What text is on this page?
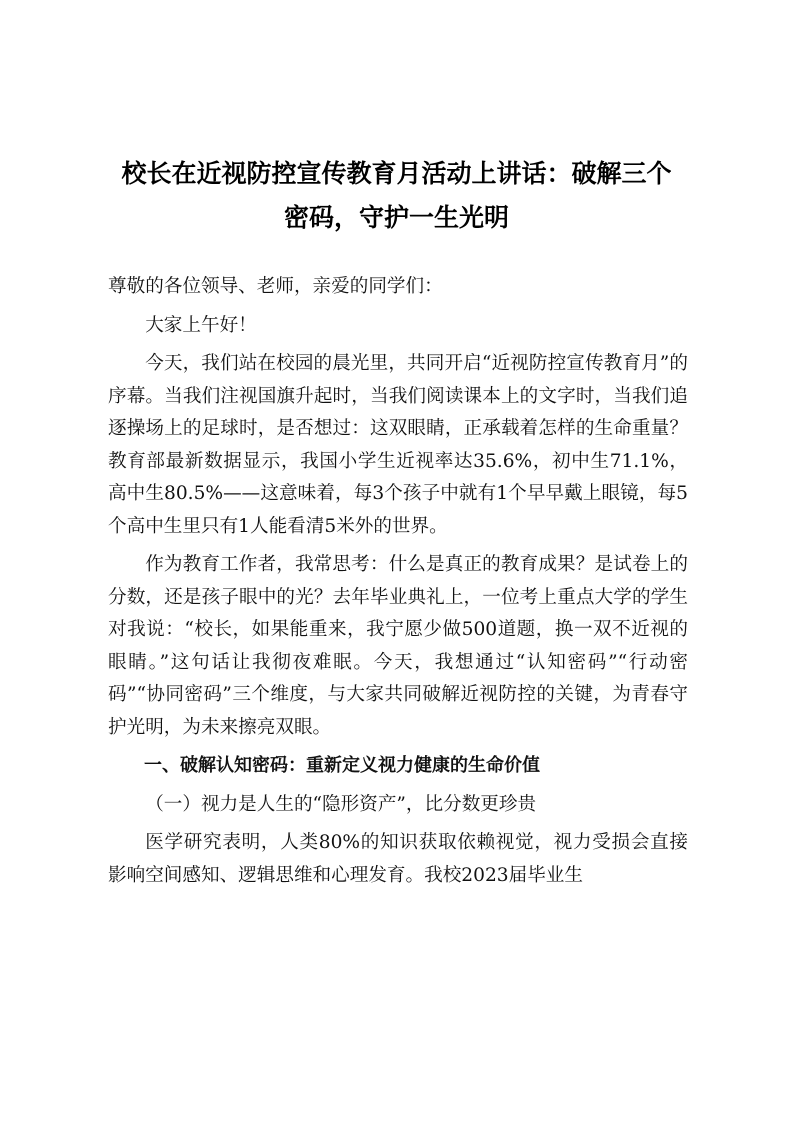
校长在近视防控宣传教育月活动上讲话：破解三个
密码，守护一生光明

尊敬的各位领导、老师，亲爱的同学们：

大家上午好！

今天，我们站在校园的晨光里，共同开启“近视防控宣传教育月”的序幕。当我们注视国旗升起时，当我们阅读课本上的文字时，当我们追逐操场上的足球时，是否想过：这双眼睛，正承载着怎样的生命重量？教育部最新数据显示，我国小学生近视率达35.6%，初中生71.1%，高中生80.5%——这意味着，每3个孩子中就有1个早早戴上眼镜，每5个高中生里只有1人能看清5米外的世界。

作为教育工作者，我常思考：什么是真正的教育成果？是试卷上的分数，还是孩子眼中的光？去年毕业典礼上，一位考上重点大学的学生对我说：“校长，如果能重来，我宁愿少做500道题，换一双不近视的眼睛。”这句话让我彻夜难眠。今天，我想通过“认知密码”“行动密码”“协同密码”三个维度，与大家共同破解近视防控的关键，为青春守护光明，为未来擦亮双眼。

一、破解认知密码：重新定义视力健康的生命价值

（一）视力是人生的“隐形资产”，比分数更珍贵

医学研究表明，人类80%的知识获取依赖视觉，视力受损会直接影响空间感知、逻辑思维和心理发育。我校2023届毕业生
